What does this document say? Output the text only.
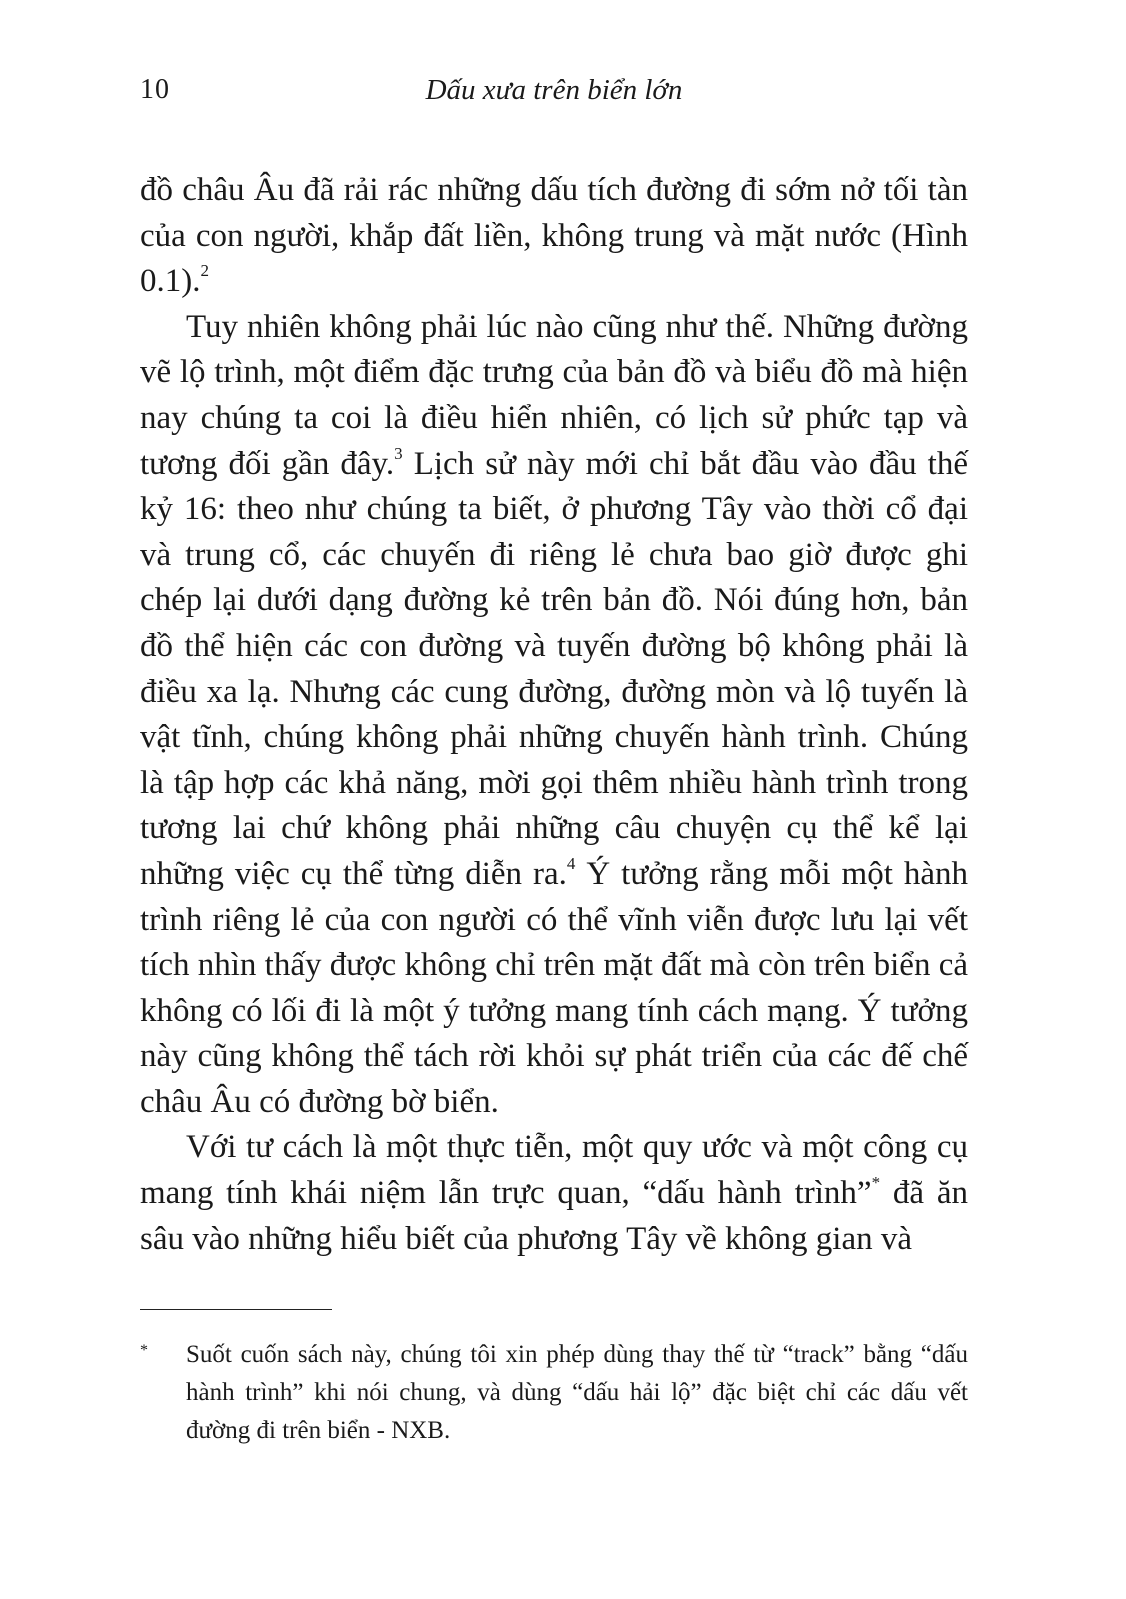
10	Dấu xưa trên biển lớn

đồ châu Âu đã rải rác những dấu tích đường đi sớm nở tối tàn của con người, khắp đất liền, không trung và mặt nước (Hình 0.1).$^2$

Tuy nhiên không phải lúc nào cũng như thế. Những đường vẽ lộ trình, một điểm đặc trưng của bản đồ và biểu đồ mà hiện nay chúng ta coi là điều hiển nhiên, có lịch sử phức tạp và tương đối gần đây.$^3$ Lịch sử này mới chỉ bắt đầu vào đầu thế kỷ 16: theo như chúng ta biết, ở phương Tây vào thời cổ đại và trung cổ, các chuyến đi riêng lẻ chưa bao giờ được ghi chép lại dưới dạng đường kẻ trên bản đồ. Nói đúng hơn, bản đồ thể hiện các con đường và tuyến đường bộ không phải là điều xa lạ. Nhưng các cung đường, đường mòn và lộ tuyến là vật tĩnh, chúng không phải những chuyến hành trình. Chúng là tập hợp các khả năng, mời gọi thêm nhiều hành trình trong tương lai chứ không phải những câu chuyện cụ thể kể lại những việc cụ thể từng diễn ra.$^4$ Ý tưởng rằng mỗi một hành trình riêng lẻ của con người có thể vĩnh viễn được lưu lại vết tích nhìn thấy được không chỉ trên mặt đất mà còn trên biển cả không có lối đi là một ý tưởng mang tính cách mạng. Ý tưởng này cũng không thể tách rời khỏi sự phát triển của các đế chế châu Âu có đường bờ biển.

Với tư cách là một thực tiễn, một quy ước và một công cụ mang tính khái niệm lẫn trực quan, “dấu hành trình”* đã ăn sâu vào những hiểu biết của phương Tây về không gian và

* Suốt cuốn sách này, chúng tôi xin phép dùng thay thế từ “track” bằng “dấu hành trình” khi nói chung, và dùng “dấu hải lộ” đặc biệt chỉ các dấu vết đường đi trên biển - NXB.
